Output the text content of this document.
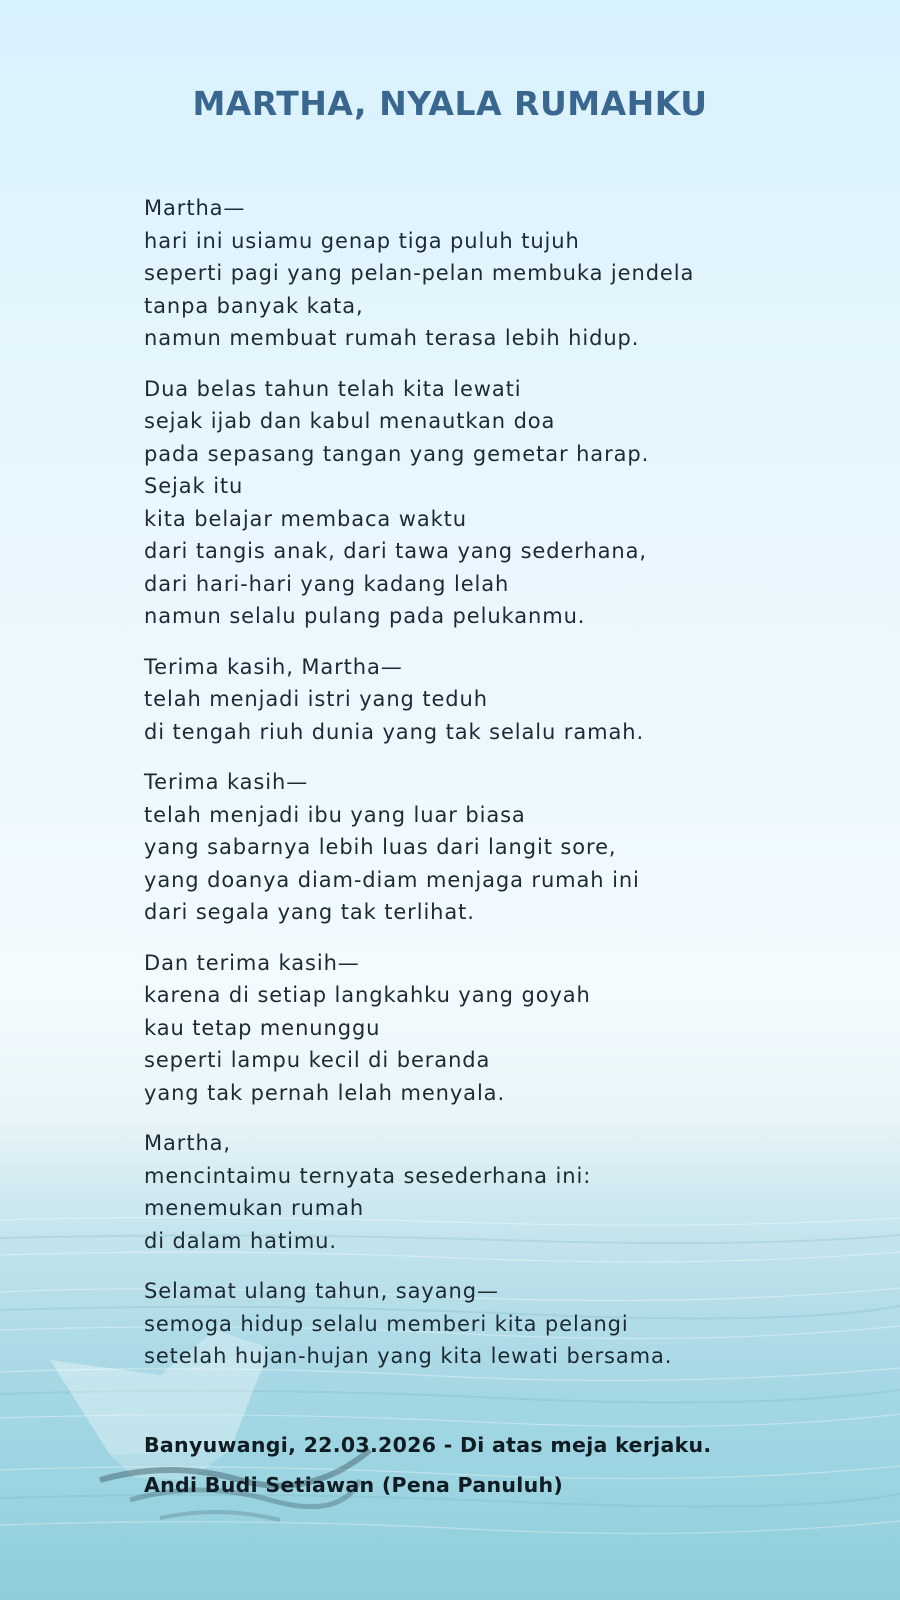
MARTHA, NYALA RUMAHKU
Martha—
hari ini usiamu genap tiga puluh tujuh
seperti pagi yang pelan-pelan membuka jendela
tanpa banyak kata,
namun membuat rumah terasa lebih hidup.
Dua belas tahun telah kita lewati
sejak ijab dan kabul menautkan doa
pada sepasang tangan yang gemetar harap.
Sejak itu
kita belajar membaca waktu
dari tangis anak, dari tawa yang sederhana,
dari hari-hari yang kadang lelah
namun selalu pulang pada pelukanmu.
Terima kasih, Martha—
telah menjadi istri yang teduh
di tengah riuh dunia yang tak selalu ramah.
Terima kasih—
telah menjadi ibu yang luar biasa
yang sabarnya lebih luas dari langit sore,
yang doanya diam-diam menjaga rumah ini
dari segala yang tak terlihat.
Dan terima kasih—
karena di setiap langkahku yang goyah
kau tetap menunggu
seperti lampu kecil di beranda
yang tak pernah lelah menyala.
Martha,
mencintaimu ternyata sesederhana ini:
menemukan rumah
di dalam hatimu.
Selamat ulang tahun, sayang—
semoga hidup selalu memberi kita pelangi
setelah hujan-hujan yang kita lewati bersama.
Banyuwangi, 22.03.2026 - Di atas meja kerjaku.
Andi Budi Setiawan (Pena Panuluh)
